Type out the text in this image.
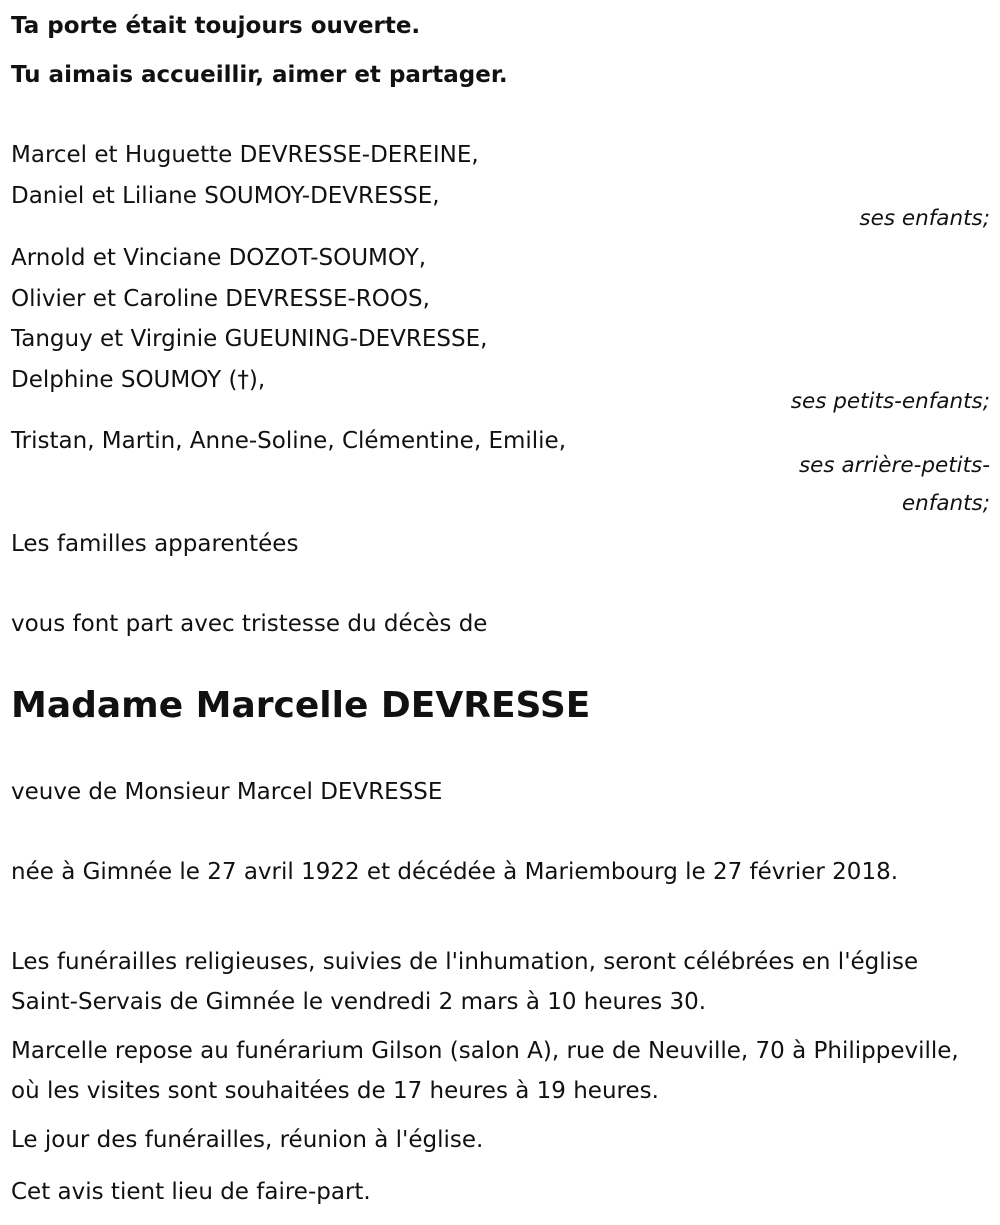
Ta porte était toujours ouverte.
Tu aimais accueillir, aimer et partager.
Marcel et Huguette DEVRESSE-DEREINE,
Daniel et Liliane SOUMOY-DEVRESSE,
ses enfants;
Arnold et Vinciane DOZOT-SOUMOY,
Olivier et Caroline DEVRESSE-ROOS,
Tanguy et Virginie GUEUNING-DEVRESSE,
Delphine SOUMOY (†),
ses petits-enfants;
Tristan, Martin, Anne-Soline, Clémentine, Emilie,
ses arrière-petits-
enfants;
Les familles apparentées
vous font part avec tristesse du décès de
Madame Marcelle DEVRESSE
veuve de Monsieur Marcel DEVRESSE
née à Gimnée le 27 avril 1922 et décédée à Mariembourg le 27 février 2018.
Les funérailles religieuses, suivies de l'inhumation, seront célébrées en l'église Saint-Servais de Gimnée le vendredi 2 mars à 10 heures 30.
Marcelle repose au funérarium Gilson (salon A), rue de Neuville, 70 à Philippeville, où les visites sont souhaitées de 17 heures à 19 heures.
Le jour des funérailles, réunion à l'église.
Cet avis tient lieu de faire-part.
